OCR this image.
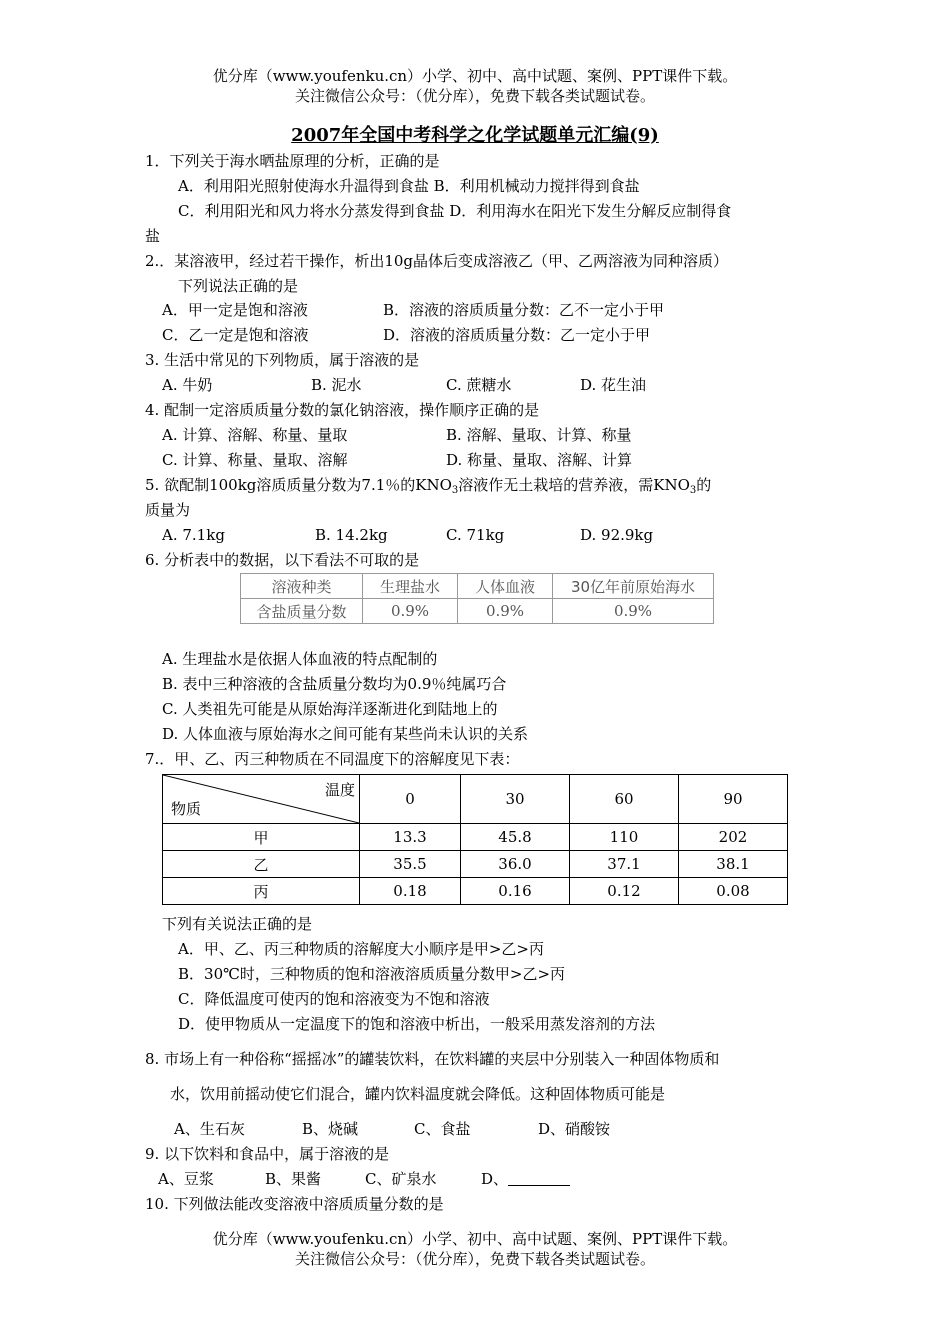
优分库（www.youfenku.cn）小学、初中、高中试题、案例、PPT课件下载。
关注微信公众号：（优分库），免费下载各类试题试卷。
2007年全国中考科学之化学试题单元汇编(9)
1．下列关于海水晒盐原理的分析，正确的是
A．利用阳光照射使海水升温得到食盐 B．利用机械动力搅拌得到食盐
C．利用阳光和风力将水分蒸发得到食盐 D．利用海水在阳光下发生分解反应制得食
盐
2.．某溶液甲，经过若干操作，析出10g晶体后变成溶液乙（甲、乙两溶液为同种溶质）
下列说法正确的是
A．甲一定是饱和溶液	B．溶液的溶质质量分数：乙不一定小于甲
C．乙一定是饱和溶液	D．溶液的溶质质量分数：乙一定小于甲
3. 生活中常见的下列物质，属于溶液的是
A. 牛奶	B. 泥水	C. 蔗糖水	D. 花生油
4. 配制一定溶质质量分数的氯化钠溶液，操作顺序正确的是
A. 计算、溶解、称量、量取	B. 溶解、量取、计算、称量
C. 计算、称量、量取、溶解	D. 称量、量取、溶解、计算
5. 欲配制100kg溶质质量分数为7.1％的$KNO_3$溶液作无土栽培的营养液，需$KNO_3$的
质量为
A. 7.1kg	B. 14.2kg	C. 71kg	D. 92.9kg
6. 分析表中的数据，以下看法不可取的是
溶液种类	生理盐水	人体血液	30亿年前原始海水
含盐质量分数	0.9%	0.9%	0.9%
A. 生理盐水是依据人体血液的特点配制的
B. 表中三种溶液的含盐质量分数均为0.9％纯属巧合
C. 人类祖先可能是从原始海洋逐渐进化到陆地上的
D. 人体血液与原始海水之间可能有某些尚未认识的关系
7.．甲、乙、丙三种物质在不同温度下的溶解度见下表：
温度
物质	0	30	60	90
甲	13.3	45.8	110	202
乙	35.5	36.0	37.1	38.1
丙	0.18	0.16	0.12	0.08
下列有关说法正确的是
A．甲、乙、丙三种物质的溶解度大小顺序是甲>乙>丙
B．30℃时，三种物质的饱和溶液溶质质量分数甲>乙>丙
C．降低温度可使丙的饱和溶液变为不饱和溶液
D．使甲物质从一定温度下的饱和溶液中析出，一般采用蒸发溶剂的方法
8. 市场上有一种俗称“摇摇冰”的罐装饮料，在饮料罐的夹层中分别装入一种固体物质和
水，饮用前摇动使它们混合，罐内饮料温度就会降低。这种固体物质可能是
A、生石灰	B、烧碱	C、食盐	D、硝酸铵
9. 以下饮料和食品中，属于溶液的是
A、豆浆	B、果酱	C、矿泉水	D、
10. 下列做法能改变溶液中溶质质量分数的是
优分库（www.youfenku.cn）小学、初中、高中试题、案例、PPT课件下载。
关注微信公众号：（优分库），免费下载各类试题试卷。
